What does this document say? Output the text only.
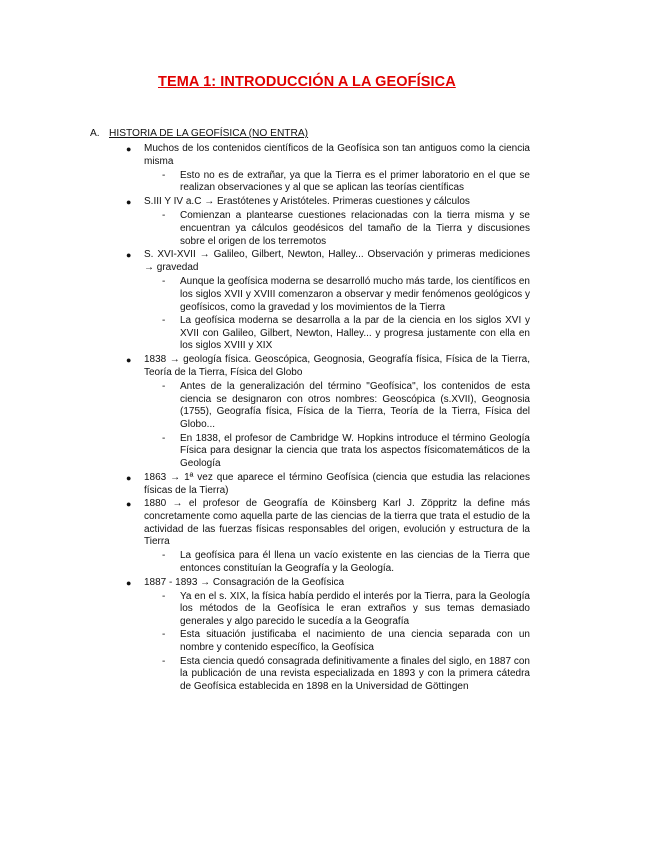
TEMA 1: INTRODUCCIÓN A LA GEOFÍSICA
A. HISTORIA DE LA GEOFÍSICA (NO ENTRA)
● Muchos de los contenidos científicos de la Geofísica son tan antiguos como la ciencia misma
- Esto no es de extrañar, ya que la Tierra es el primer laboratorio en el que se realizan observaciones y al que se aplican las teorías científicas
● S.III Y IV a.C → Erastótenes y Aristóteles. Primeras cuestiones y cálculos
- Comienzan a plantearse cuestiones relacionadas con la tierra misma y se encuentran ya cálculos geodésicos del tamaño de la Tierra y discusiones sobre el origen de los terremotos
● S. XVI-XVII → Galileo, Gilbert, Newton, Halley... Observación y primeras mediciones → gravedad
- Aunque la geofísica moderna se desarrolló mucho más tarde, los científicos en los siglos XVII y XVIII comenzaron a observar y medir fenómenos geológicos y geofísicos, como la gravedad y los movimientos de la Tierra
- La geofísica moderna se desarrolla a la par de la ciencia en los siglos XVI y XVII con Galileo, Gilbert, Newton, Halley... y progresa justamente con ella en los siglos XVIII y XIX
● 1838 → geología física. Geoscópica, Geognosia, Geografía física, Física de la Tierra, Teoría de la Tierra, Física del Globo
- Antes de la generalización del término "Geofísica", los contenidos de esta ciencia se designaron con otros nombres: Geoscópica (s.XVII), Geognosia (1755), Geografía física, Física de la Tierra, Teoría de la Tierra, Física del Globo...
- En 1838, el profesor de Cambridge W. Hopkins introduce el término Geología Física para designar la ciencia que trata los aspectos físicomatemáticos de la Geología
● 1863 → 1ª vez que aparece el término Geofísica (ciencia que estudia las relaciones físicas de la Tierra)
● 1880 → el profesor de Geografía de Köinsberg Karl J. Zöppritz la define más concretamente como aquella parte de las ciencias de la tierra que trata el estudio de la actividad de las fuerzas físicas responsables del origen, evolución y estructura de la Tierra
- La geofísica para él llena un vacío existente en las ciencias de la Tierra que entonces constituían la Geografía y la Geología.
● 1887 - 1893 → Consagración de la Geofísica
- Ya en el s. XIX, la física había perdido el interés por la Tierra, para la Geología los métodos de la Geofísica le eran extraños y sus temas demasiado generales y algo parecido le sucedía a la Geografía
- Esta situación justificaba el nacimiento de una ciencia separada con un nombre y contenido específico, la Geofísica
- Esta ciencia quedó consagrada definitivamente a finales del siglo, en 1887 con la publicación de una revista especializada en 1893 y con la primera cátedra de Geofísica establecida en 1898 en la Universidad de Göttingen
